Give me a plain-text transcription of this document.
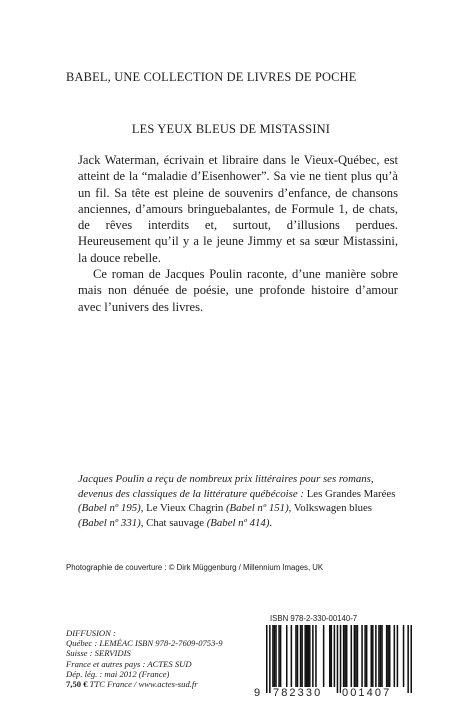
BABEL, UNE COLLECTION DE LIVRES DE POCHE
LES YEUX BLEUS DE MISTASSINI

Jack Waterman, écrivain et libraire dans le Vieux-Québec, est atteint de la “maladie d’Eisenhower”. Sa vie ne tient plus qu’à un fil. Sa tête est pleine de souvenirs d’enfance, de chansons anciennes, d’amours bringuebalantes, de Formule 1, de chats, de rêves interdits et, surtout, d’illusions perdues. Heureusement qu’il y a le jeune Jimmy et sa sœur Mistassini, la douce rebelle.

Ce roman de Jacques Poulin raconte, d’une manière sobre mais non dénuée de poésie, une profonde histoire d’amour avec l’univers des livres.

Jacques Poulin a reçu de nombreux prix littéraires pour ses romans, devenus des classiques de la littérature québécoise : Les Grandes Marées (Babel nº 195), Le Vieux Chagrin (Babel nº 151), Volkswagen blues (Babel nº 331), Chat sauvage (Babel nº 414).
Photographie de couverture : © Dirk Müggenburg / Millennium Images, UK
ISBN 978-2-330-00140-7
DIFFUSION :
Québec : LEMÉAC ISBN 978-2-7609-0753-9
Suisse : SERVIDIS
France et autres pays : ACTES SUD
Dép. lég. : mai 2012 (France)
7,50 € TTC France / www.actes-sud.fr
9 782330 001407
